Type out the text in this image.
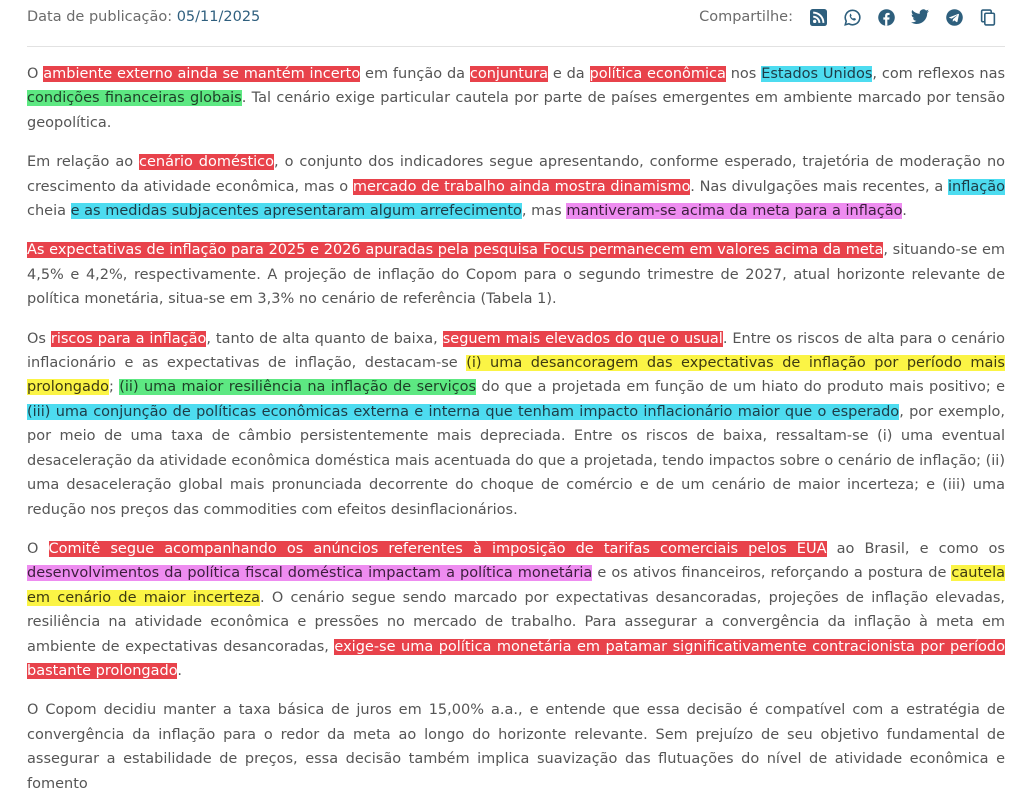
Data de publicação: 05/11/2025	Compartilhe:

O ambiente externo ainda se mantém incerto em função da conjuntura e da política econômica nos Estados Unidos, com reflexos nas condições financeiras globais. Tal cenário exige particular cautela por parte de países emergentes em ambiente marcado por tensão geopolítica.

Em relação ao cenário doméstico, o conjunto dos indicadores segue apresentando, conforme esperado, trajetória de moderação no crescimento da atividade econômica, mas o mercado de trabalho ainda mostra dinamismo. Nas divulgações mais recentes, a inflação cheia e as medidas subjacentes apresentaram algum arrefecimento, mas mantiveram-se acima da meta para a inflação.

As expectativas de inflação para 2025 e 2026 apuradas pela pesquisa Focus permanecem em valores acima da meta, situando-se em 4,5% e 4,2%, respectivamente. A projeção de inflação do Copom para o segundo trimestre de 2027, atual horizonte relevante de política monetária, situa-se em 3,3% no cenário de referência (Tabela 1).

Os riscos para a inflação, tanto de alta quanto de baixa, seguem mais elevados do que o usual. Entre os riscos de alta para o cenário inflacionário e as expectativas de inflação, destacam-se (i) uma desancoragem das expectativas de inflação por período mais prolongado; (ii) uma maior resiliência na inflação de serviços do que a projetada em função de um hiato do produto mais positivo; e (iii) uma conjunção de políticas econômicas externa e interna que tenham impacto inflacionário maior que o esperado, por exemplo, por meio de uma taxa de câmbio persistentemente mais depreciada. Entre os riscos de baixa, ressaltam-se (i) uma eventual desaceleração da atividade econômica doméstica mais acentuada do que a projetada, tendo impactos sobre o cenário de inflação; (ii) uma desaceleração global mais pronunciada decorrente do choque de comércio e de um cenário de maior incerteza; e (iii) uma redução nos preços das commodities com efeitos desinflacionários.

O Comitê segue acompanhando os anúncios referentes à imposição de tarifas comerciais pelos EUA ao Brasil, e como os desenvolvimentos da política fiscal doméstica impactam a política monetária e os ativos financeiros, reforçando a postura de cautela em cenário de maior incerteza. O cenário segue sendo marcado por expectativas desancoradas, projeções de inflação elevadas, resiliência na atividade econômica e pressões no mercado de trabalho. Para assegurar a convergência da inflação à meta em ambiente de expectativas desancoradas, exige-se uma política monetária em patamar significativamente contracionista por período bastante prolongado.

O Copom decidiu manter a taxa básica de juros em 15,00% a.a., e entende que essa decisão é compatível com a estratégia de convergência da inflação para o redor da meta ao longo do horizonte relevante. Sem prejuízo de seu objetivo fundamental de assegurar a estabilidade de preços, essa decisão também implica suavização das flutuações do nível de atividade econômica e fomento
